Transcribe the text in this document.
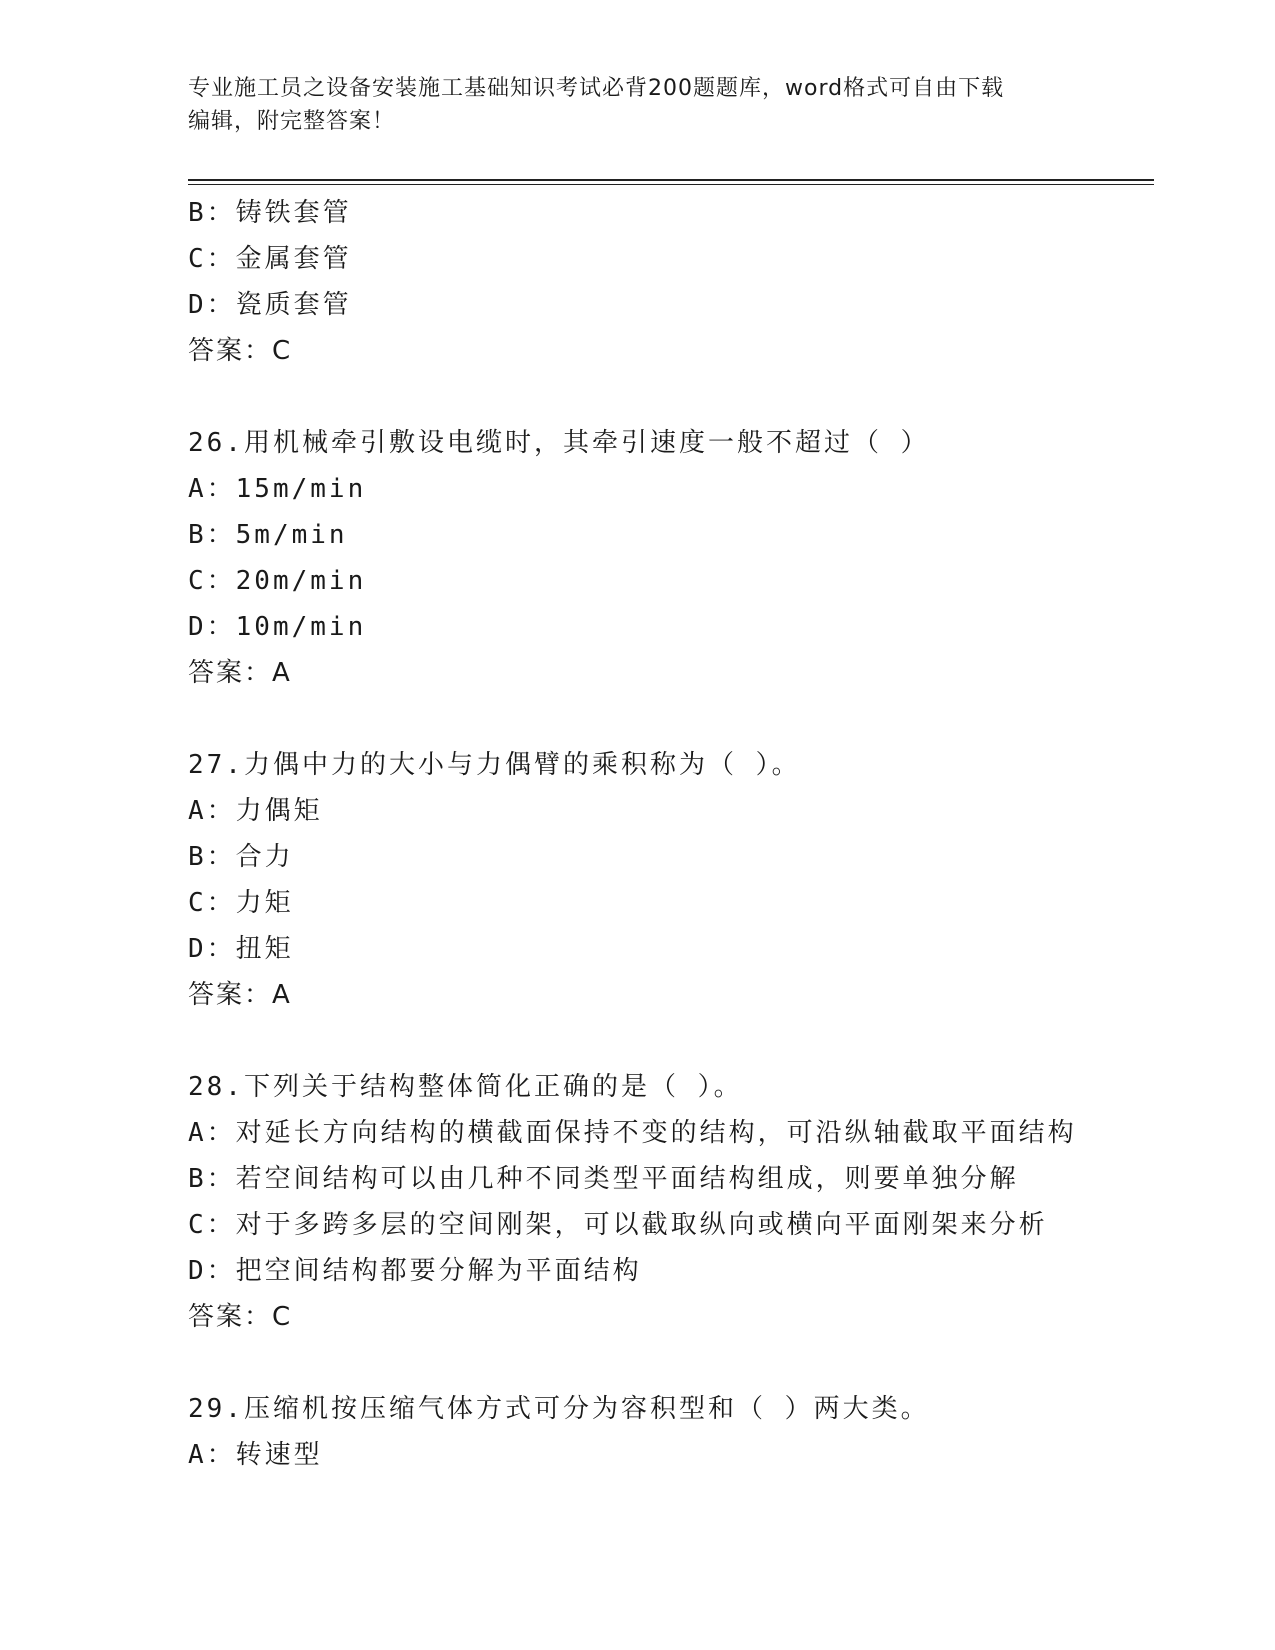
专业施工员之设备安装施工基础知识考试必背200题题库，word格式可自由下载
编辑，附完整答案！
B：铸铁套管
C：金属套管
D：瓷质套管
答案：C
26.用机械牵引敷设电缆时，其牵引速度一般不超过（ ）
A：15m/min
B：5m/min
C：20m/min
D：10m/min
答案：A
27.力偶中力的大小与力偶臂的乘积称为（ ）。
A：力偶矩
B：合力
C：力矩
D：扭矩
答案：A
28.下列关于结构整体简化正确的是（ ）。
A：对延长方向结构的横截面保持不变的结构，可沿纵轴截取平面结构
B：若空间结构可以由几种不同类型平面结构组成，则要单独分解
C：对于多跨多层的空间刚架，可以截取纵向或横向平面刚架来分析
D：把空间结构都要分解为平面结构
答案：C
29.压缩机按压缩气体方式可分为容积型和（ ）两大类。
A：转速型
